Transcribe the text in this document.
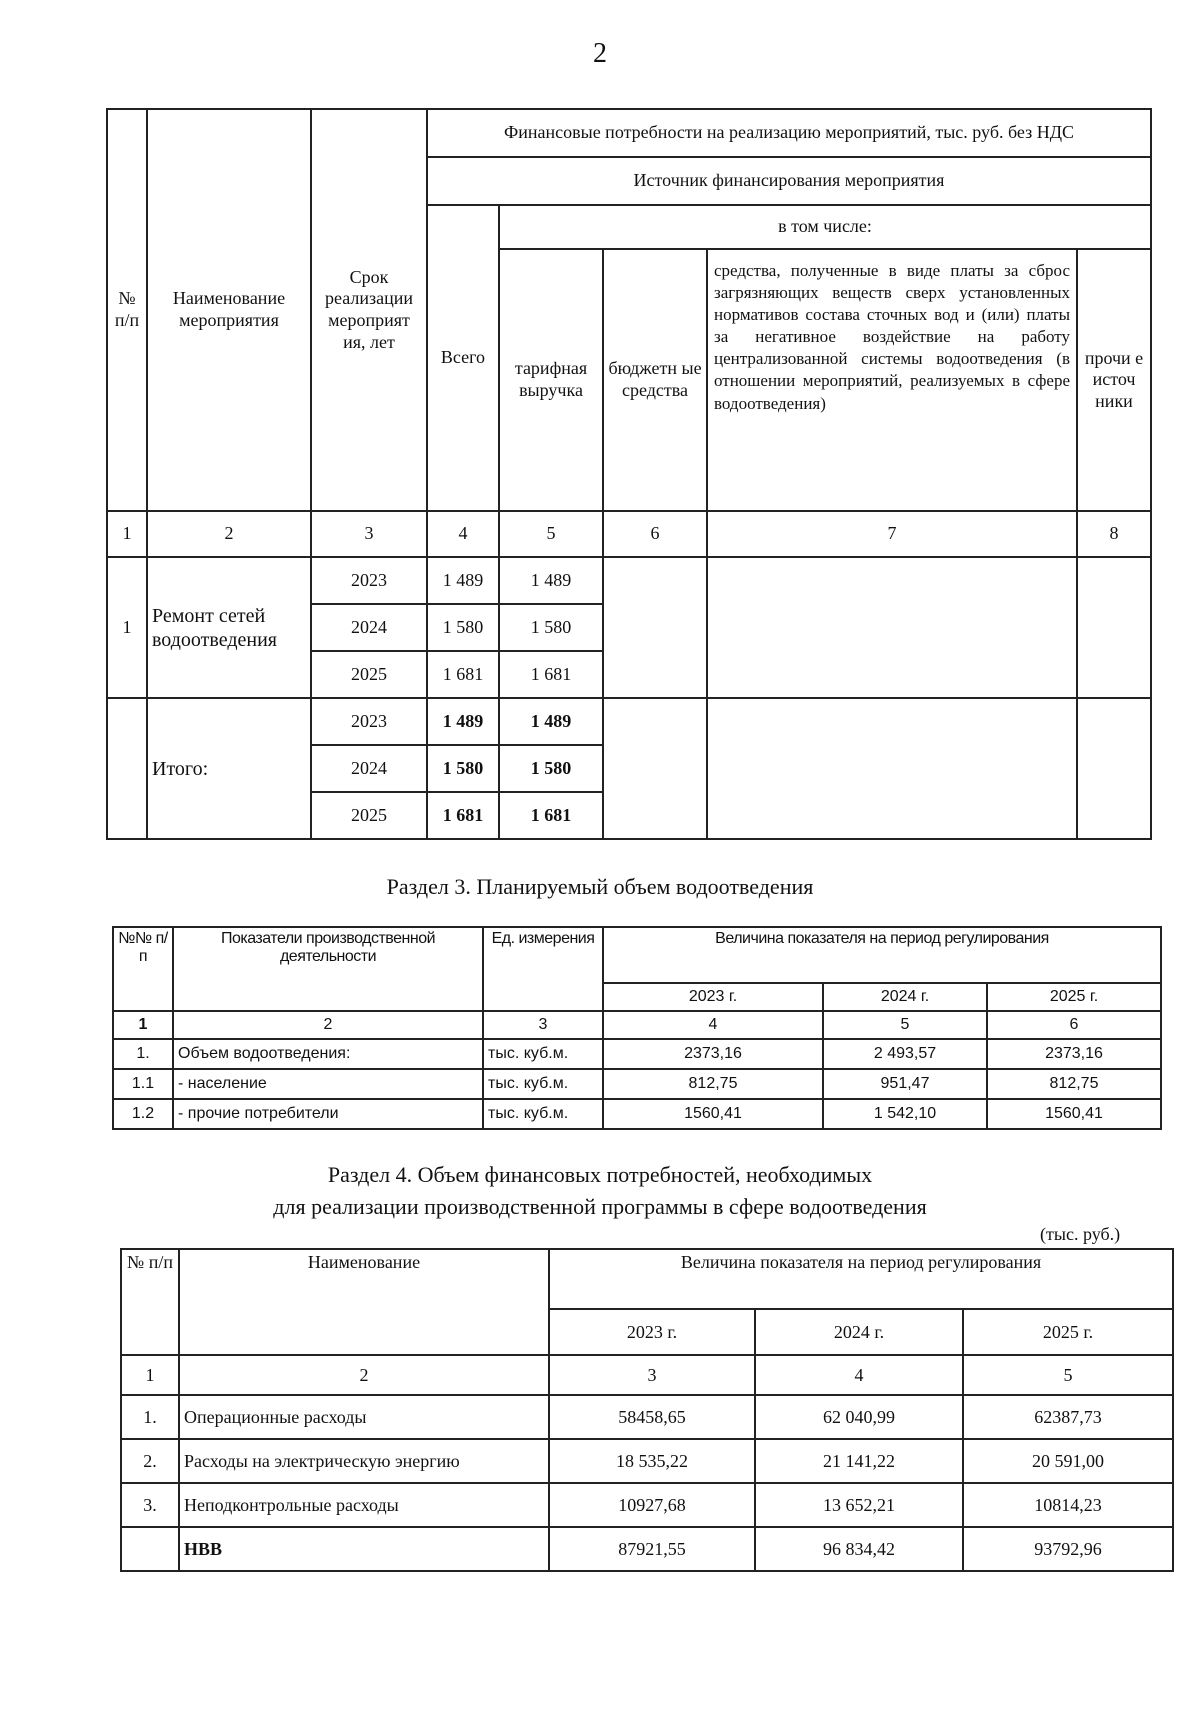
2
№ п/п	Наименование мероприятия	Срок реализации мероприят ия, лет	Финансовые потребности на реализацию мероприятий, тыс. руб. без НДС				
			Источник финансирования мероприятия				
			Всего	в том числе:			
				тарифная выручка	бюджетн ые средства	средства, полученные в виде платы за сброс загрязняющих веществ сверх установленных нормативов состава сточных вод и (или) платы за негативное воздействие на работу централизованной системы водоотведения (в отношении мероприятий, реализуемых в сфере водоотведения)	прочи е источ ники
1	2	3	4	5	6	7	8
1	Ремонт сетей водоотведения	2023	1 489	1 489			
		2024	1 580	1 580			
		2025	1 681	1 681			
	Итого:	2023	1 489	1 489			
		2024	1 580	1 580			
		2025	1 681	1 681			
Раздел 3. Планируемый объем водоотведения
№№ п/п	Показатели производственной деятельности	Ед. измерения	Величина показателя на период регулирования		
			2023 г.	2024 г.	2025 г.
1	2	3	4	5	6
1.	Объем водоотведения:	тыс. куб.м.	2373,16	2 493,57	2373,16
1.1	- население	тыс. куб.м.	812,75	951,47	812,75
1.2	- прочие потребители	тыс. куб.м.	1560,41	1 542,10	1560,41
Раздел 4. Объем финансовых потребностей, необходимых
для реализации производственной программы в сфере водоотведения
(тыс. руб.)
№ п/п	Наименование	Величина показателя на период регулирования		
		2023 г.	2024 г.	2025 г.
1	2	3	4	5
1.	Операционные расходы	58458,65	62 040,99	62387,73
2.	Расходы на электрическую энергию	18 535,22	21 141,22	20 591,00
3.	Неподконтрольные расходы	10927,68	13 652,21	10814,23
	НВВ	87921,55	96 834,42	93792,96
